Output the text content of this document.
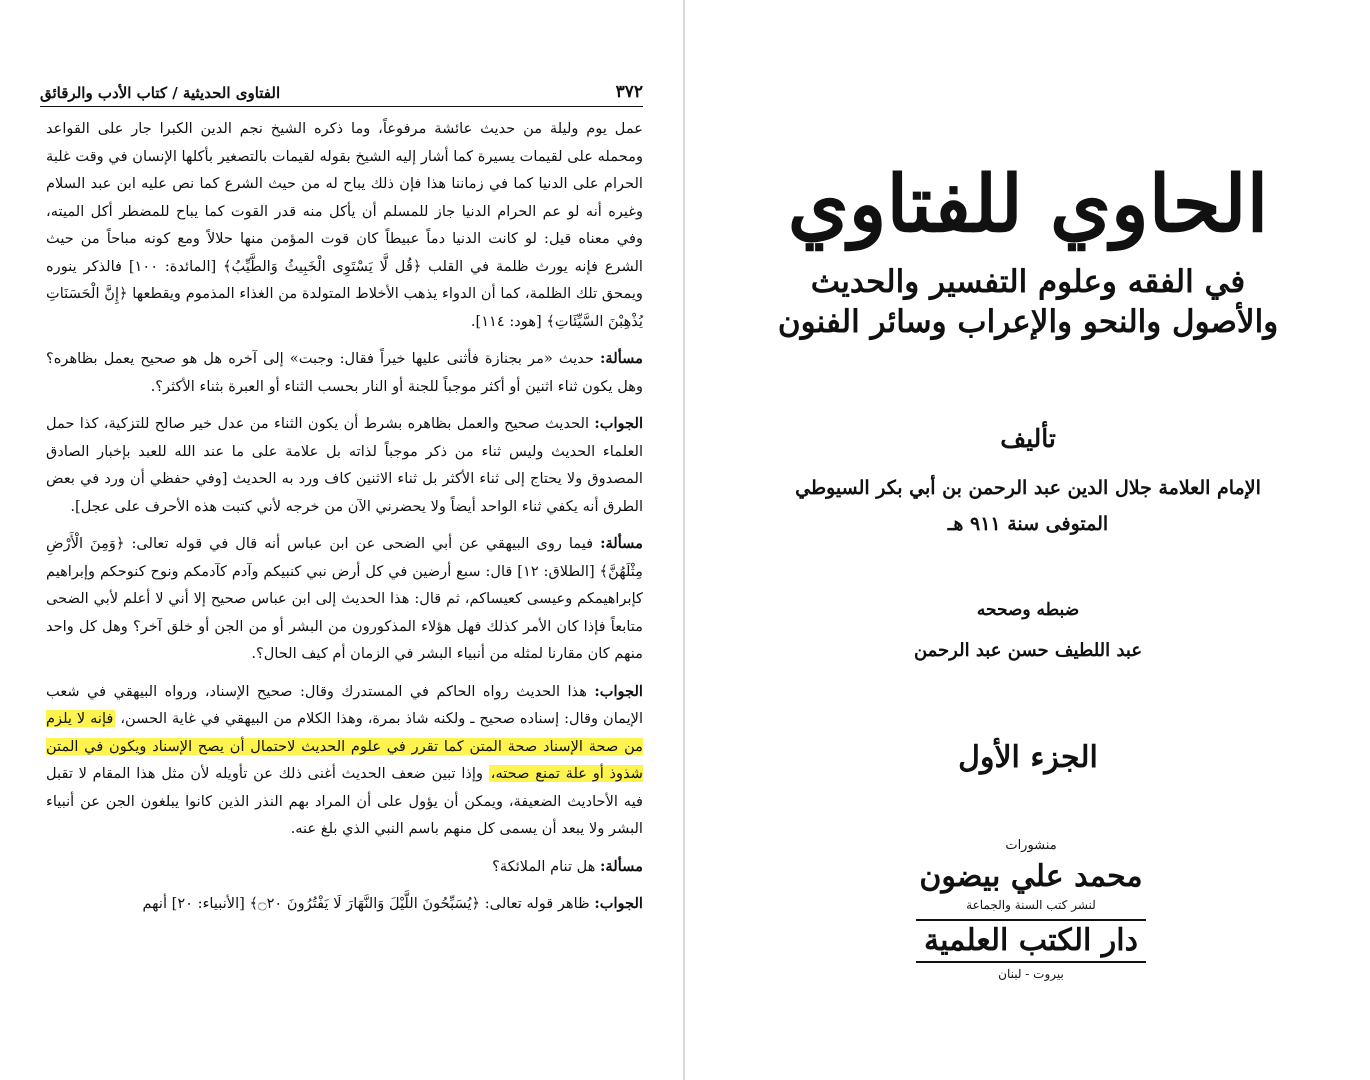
٣٧٢
الفتاوى الحديثية / كتاب الأدب والرقائق

عمل يوم وليلة من حديث عائشة مرفوعاً، وما ذكره الشيخ نجم الدين الكبرا جار على القواعد ومحمله على لقيمات يسيرة كما أشار إليه الشيخ بقوله لقيمات بالتصغير بأكلها الإنسان في وقت غلبة الحرام على الدنيا كما في زماننا هذا فإن ذلك يباح له من حيث الشرع كما نص عليه ابن عبد السلام وغيره أنه لو عم الحرام الدنيا جاز للمسلم أن يأكل منه قدر القوت كما يباح للمضطر أكل الميته، وفي معناه قيل: لو كانت الدنيا دماً عبيطاً كان قوت المؤمن منها حلالاً ومع كونه مباحاً من حيث الشرع فإنه يورث ظلمة في القلب ﴿قُل لَّا يَسْتَوِى الْخَبِيثُ وَالطَّيِّبُ﴾ [المائدة: ١٠٠] فالذكر ينوره ويمحق تلك الظلمة، كما أن الدواء يذهب الأخلاط المتولدة من الغذاء المذموم ويقطعها ﴿إِنَّ الْحَسَنَاتِ يُذْهِبْنَ السَّيِّئَاتِ﴾ [هود: ١١٤].

مسألة: حديث «مر بجنازة فأثنى عليها خيراً فقال: وجبت» إلى آخره هل هو صحيح يعمل بظاهره؟ وهل يكون ثناء اثنين أو أكثر موجباً للجنة أو النار بحسب الثناء أو العبرة بثناء الأكثر؟.

الجواب: الحديث صحيح والعمل بظاهره بشرط أن يكون الثناء من عدل خير صالح للتزكية، كذا حمل العلماء الحديث وليس ثناء من ذكر موجباً لذاته بل علامة على ما عند الله للعبد بإخبار الصادق المصدوق ولا يحتاج إلى ثناء الأكثر بل ثناء الاثنين كاف ورد به الحديث [وفي حفظي أن ورد في بعض الطرق أنه يكفي ثناء الواحد أيضاً ولا يحضرني الآن من خرجه لأني كتبت هذه الأحرف على عجل].

مسألة: فيما روى البيهقي عن أبي الضحى عن ابن عباس أنه قال في قوله تعالى: ﴿وَمِنَ الْأَرْضِ مِثْلَهُنَّ﴾ [الطلاق: ١٢] قال: سبع أرضين في كل أرض نبي كنبيكم وآدم كآدمكم ونوح كنوحكم وإبراهيم كإبراهيمكم وعيسى كعيساكم، ثم قال: هذا الحديث إلى ابن عباس صحيح إلا أني لا أعلم لأبي الضحى متابعاً فإذا كان الأمر كذلك فهل هؤلاء المذكورون من البشر أو من الجن أو خلق آخر؟ وهل كل واحد منهم كان مقارنا لمثله من أنبياء البشر في الزمان أم كيف الحال؟.

الجواب: هذا الحديث رواه الحاكم في المستدرك وقال: صحيح الإسناد، ورواه البيهقي في شعب الإيمان وقال: إسناده صحيح ـ ولكنه شاذ بمرة، وهذا الكلام من البيهقي في غاية الحسن، فإنه لا يلزم من صحة الإسناد صحة المتن كما تقرر في علوم الحديث لاحتمال أن يصح الإسناد ويكون في المتن شذوذ أو علة تمنع صحته، وإذا تبين ضعف الحديث أغنى ذلك عن تأويله لأن مثل هذا المقام لا تقبل فيه الأحاديث الضعيفة، ويمكن أن يؤول على أن المراد بهم النذر الذين كانوا يبلغون الجن عن أنبياء البشر ولا يبعد أن يسمى كل منهم باسم النبي الذي بلغ عنه.

مسألة: هل تنام الملائكة؟

الجواب: ظاهر قوله تعالى: ﴿يُسَبِّحُونَ اللَّيْلَ وَالنَّهَارَ لَا يَفْتُرُونَ ۝٢٠﴾ [الأنبياء: ٢٠] أنهم

الحاوي للفتاوي
في الفقه وعلوم التفسير والحديث
والأصول والنحو والإعراب وسائر الفنون
تأليف
الإمام العلامة جلال الدين عبد الرحمن بن أبي بكر السيوطي
المتوفى سنة ٩١١ هـ
ضبطه وصححه
عبد اللطيف حسن عبد الرحمن
الجزء الأول
منشورات
محمد علي بيضون
لنشر كتب السنة والجماعة
دار الكتب العلمية
بيروت - لبنان
